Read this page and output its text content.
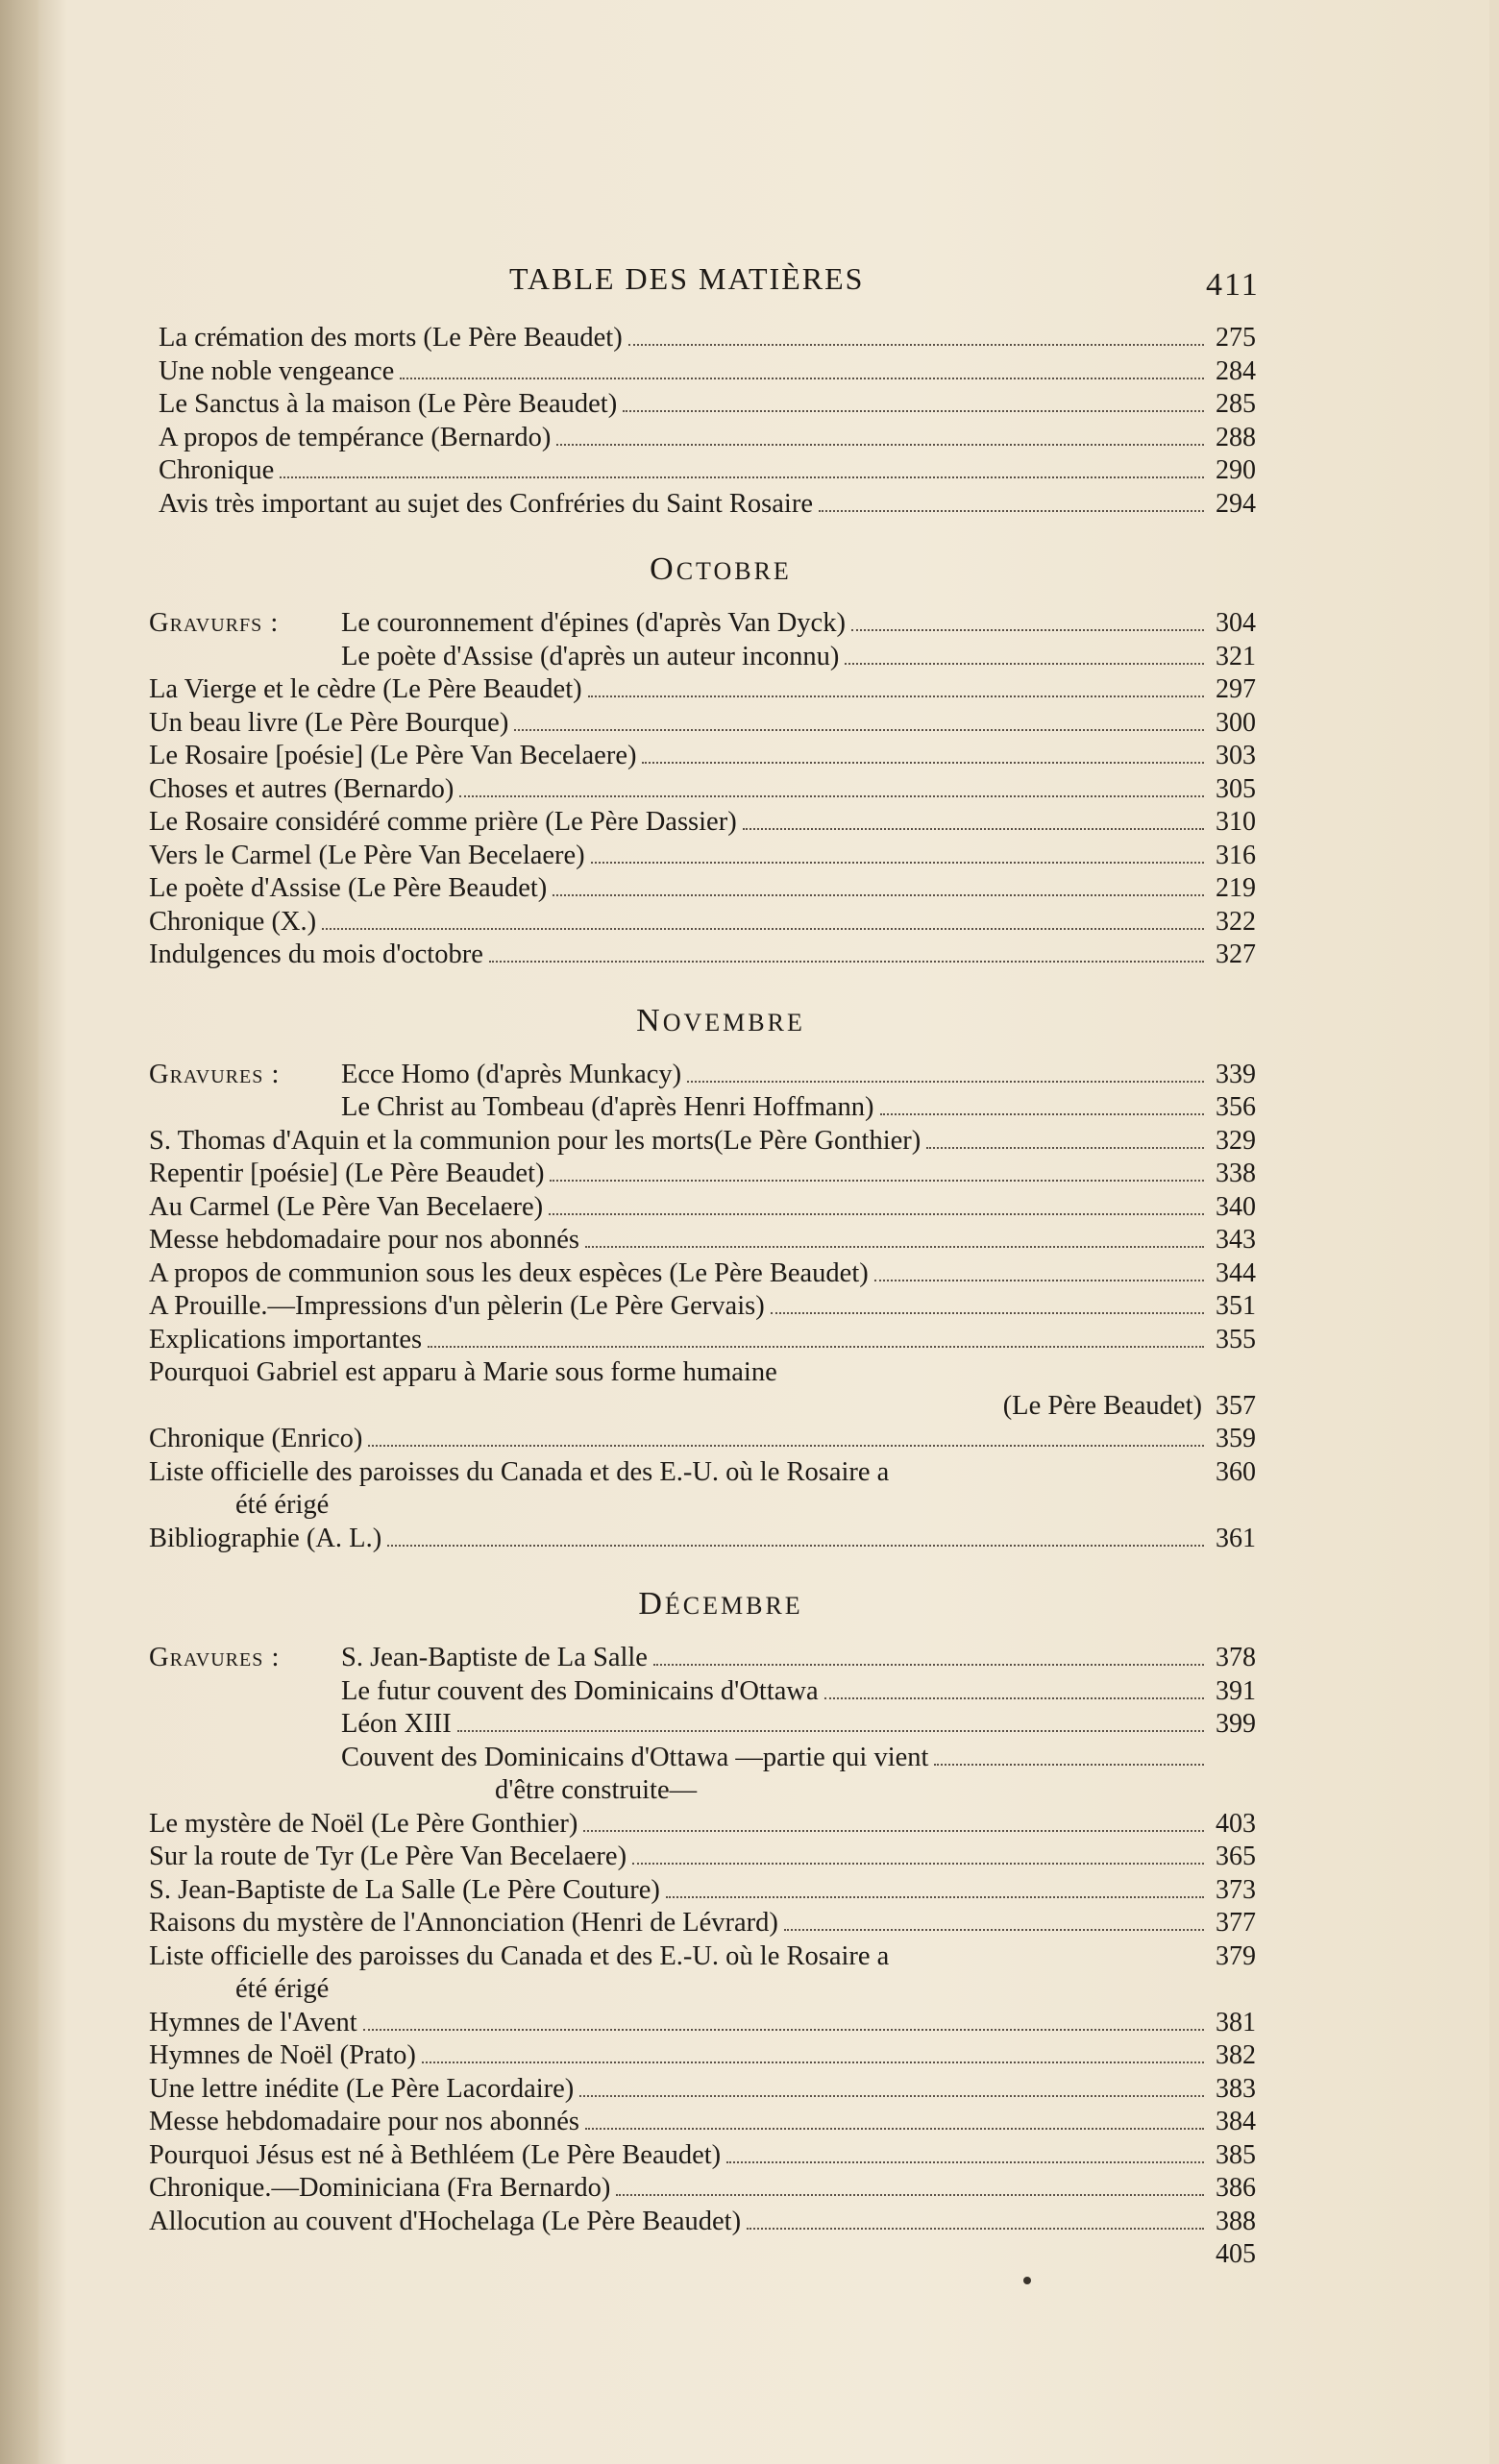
TABLE DES MATIÈRES	411
La crémation des morts (Le Père Beaudet)	275
Une noble vengeance	284
Le Sanctus à la maison (Le Père Beaudet)	285
A propos de tempérance (Bernardo)	288
Chronique	290
Avis très important au sujet des Confréries du Saint Rosaire	294
OCTOBRE
Gravurfs :	Le couronnement d'épines (d'après Van Dyck)	304
Le poète d'Assise (d'après un auteur inconnu)	321
La Vierge et le cèdre (Le Père Beaudet)	297
Un beau livre (Le Père Bourque)	300
Le Rosaire [poésie] (Le Père Van Becelaere)	303
Choses et autres (Bernardo)	305
Le Rosaire considéré comme prière (Le Père Dassier)	310
Vers le Carmel (Le Père Van Becelaere)	316
Le poète d'Assise (Le Père Beaudet)	219
Chronique (X.)	322
Indulgences du mois d'octobre	327
NOVEMBRE
Gravures :	Ecce Homo (d'après Munkacy)	339
Le Christ au Tombeau (d'après Henri Hoffmann)	356
S. Thomas d'Aquin et la communion pour les morts(Le Père Gonthier)	329
Repentir [poésie] (Le Père Beaudet)	338
Au Carmel (Le Père Van Becelaere)	340
Messe hebdomadaire pour nos abonnés	343
A propos de communion sous les deux espèces (Le Père Beaudet)	344
A Prouille.—Impressions d'un pèlerin (Le Père Gervais)	351
Explications importantes	355
Pourquoi Gabriel est apparu à Marie sous forme humaine
(Le Père Beaudet) 357
Chronique (Enrico)	359
Liste officielle des paroisses du Canada et des E.-U. où le Rosaire a	360
été érigé
Bibliographie (A. L.)	361
DÉCEMBRE
Gravures :	S. Jean-Baptiste de La Salle	378
Le futur couvent des Dominicains d'Ottawa	391
Léon XIII	399
Couvent des Dominicains d'Ottawa —partie qui vient
d'être construite—
Le mystère de Noël (Le Père Gonthier)	403
Sur la route de Tyr (Le Père Van Becelaere)	365
S. Jean-Baptiste de La Salle (Le Père Couture)	373
Raisons du mystère de l'Annonciation (Henri de Lévrard)	377
Liste officielle des paroisses du Canada et des E.-U. où le Rosaire a	379
été érigé
Hymnes de l'Avent	381
Hymnes de Noël (Prato)	382
Une lettre inédite (Le Père Lacordaire)	383
Messe hebdomadaire pour nos abonnés	384
Pourquoi Jésus est né à Bethléem (Le Père Beaudet)	385
Chronique.—Dominiciana (Fra Bernardo)	386
Allocution au couvent d'Hochelaga (Le Père Beaudet)	388
405
